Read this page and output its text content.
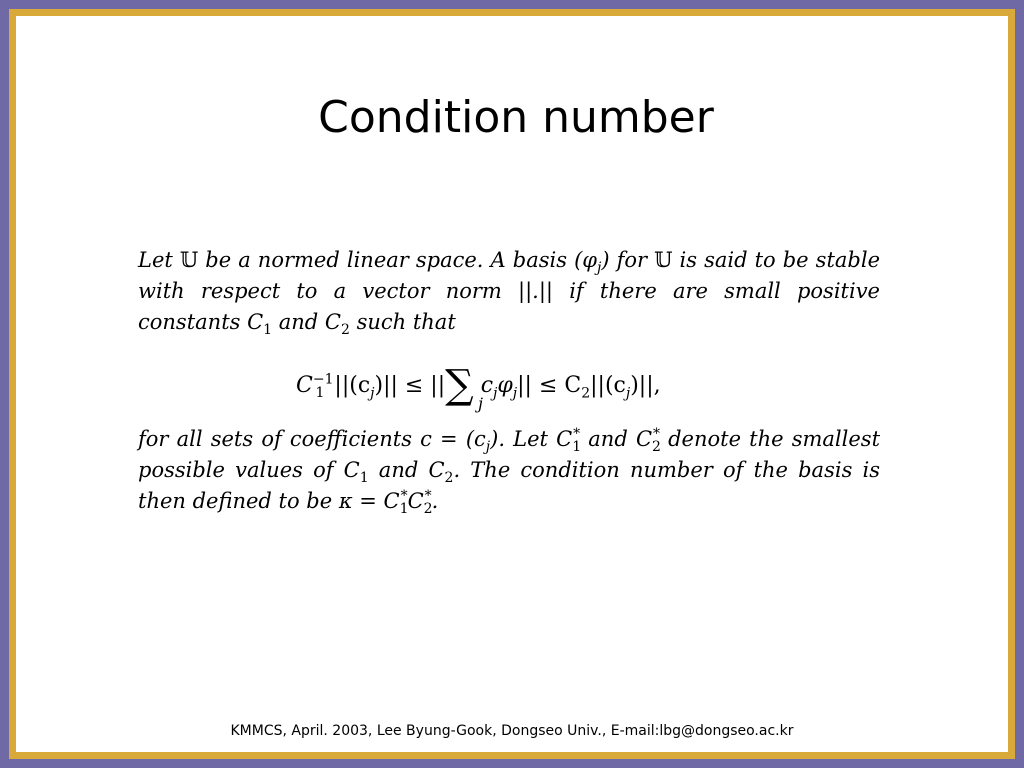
Condition number
Let 𝕌 be a normed linear space. A basis $(\varphi_j)$ for 𝕌 is said to be stable with respect to a vector norm ||.|| if there are small positive constants $C_1$ and $C_2$ such that
$C^{-1}_1$ $||(c_j)||$ ≤ ||∑ $c_j\varphi_j|| \le C_2||(c_j)||$,
j
for all sets of coefficients $c = (c_j)$. Let $C_1^*$ and $C_2^*$ denote the smallest possible values of $C_1$ and $C_2$. The condition number of the basis is then defined to be $\kappa = C_1^*C_2^*$.
KMMCS, April. 2003, Lee Byung-Gook, Dongseo Univ., E-mail:lbg@dongseo.ac.kr
